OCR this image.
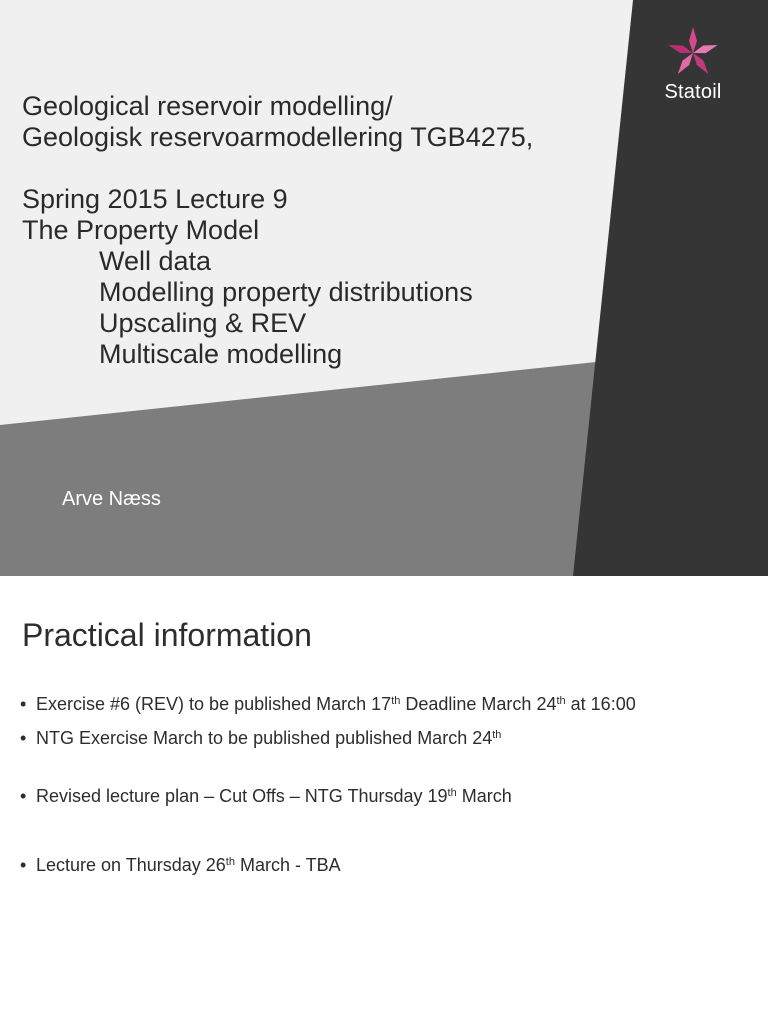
Geological reservoir modelling/
Geologisk reservoarmodellering TGB4275,
Spring 2015 Lecture 9
The Property Model
Well data
Modelling property distributions
Upscaling & REV
Multiscale modelling
Arve Næss
Statoil
Practical information
• Exercise #6 (REV) to be published March 17th Deadline March 24th at 16:00
• NTG Exercise March to be published published March 24th
• Revised lecture plan – Cut Offs – NTG Thursday 19th March
• Lecture on Thursday 26th March - TBA
